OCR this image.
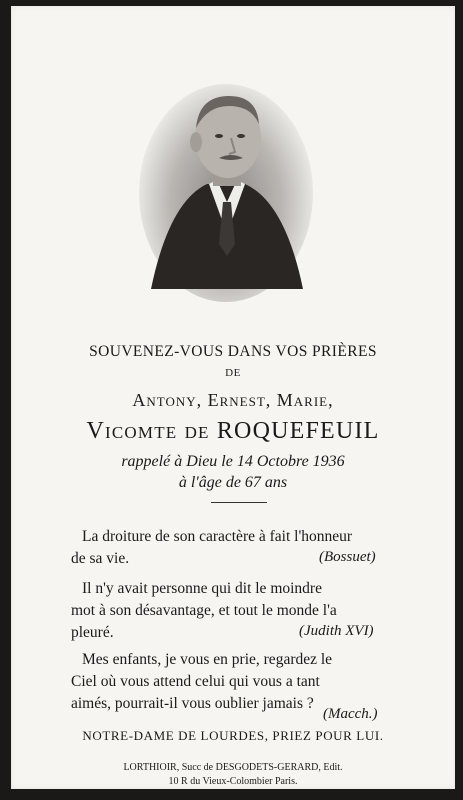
SOUVENEZ-VOUS DANS VOS PRIÈRES
DE
Antony, Ernest, Marie,
Vicomte de ROQUEFEUIL
rappelé à Dieu le 14 Octobre 1936
à l'âge de 67 ans
La droiture de son caractère à fait l'honneur
de sa vie.	(Bossuet)
Il n'y avait personne qui dit le moindre
mot à son désavantage, et tout le monde l'a
pleuré.	(Judith XVI)
Mes enfants, je vous en prie, regardez le
Ciel où vous attend celui qui vous a tant
aimés, pourrait-il vous oublier jamais ?
(Macch.)
NOTRE-DAME DE LOURDES, PRIEZ POUR LUI.
LORTHIOIR, Succ de DESGODETS-GERARD, Edit.
10 R du Vieux-Colombier Paris.
